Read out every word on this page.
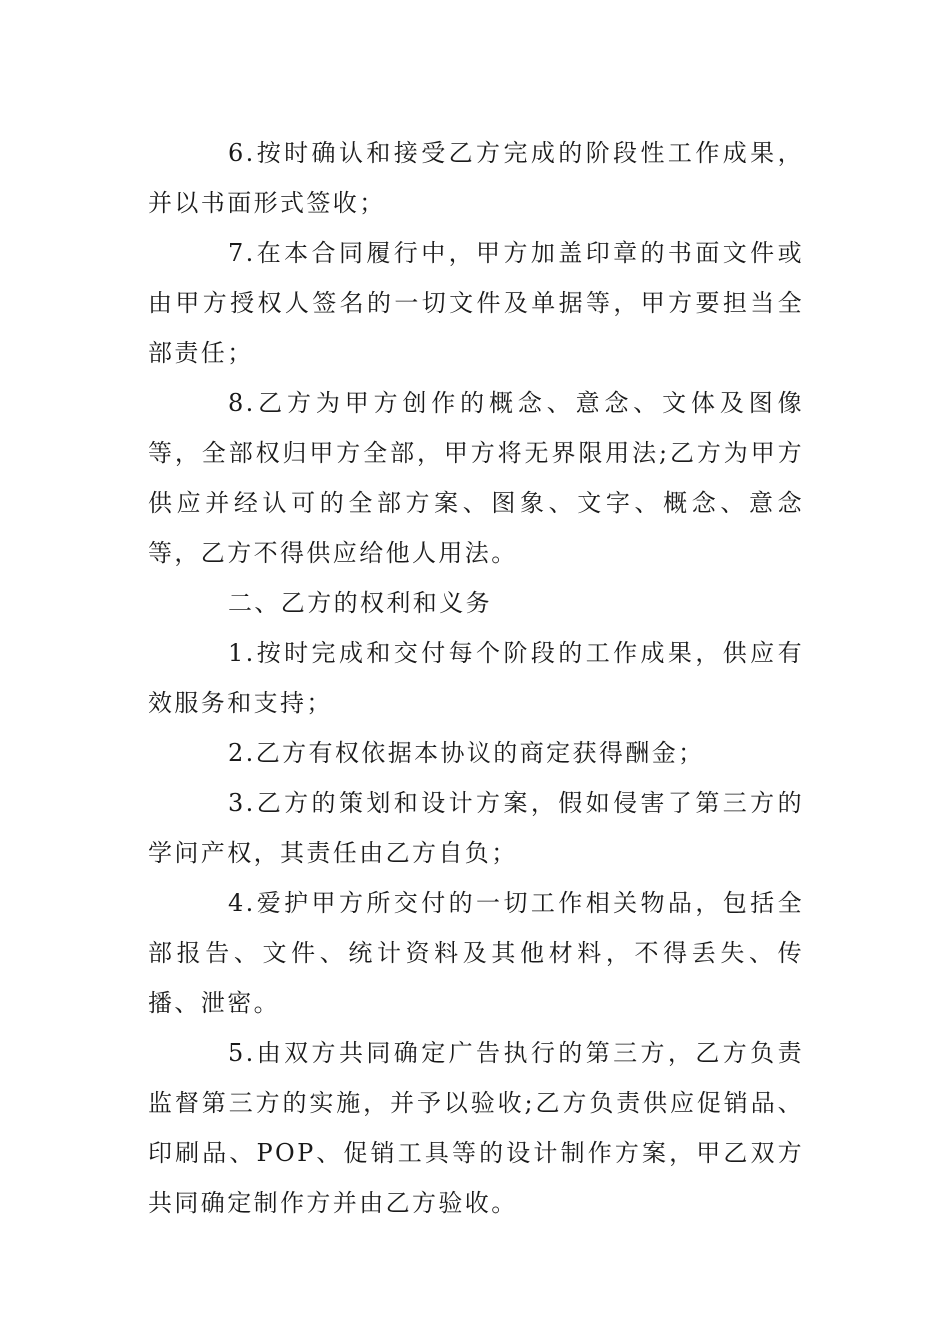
6.按时确认和接受乙方完成的阶段性工作成果，并以书面形式签收；

7.在本合同履行中，甲方加盖印章的书面文件或由甲方授权人签名的一切文件及单据等，甲方要担当全部责任；

8.乙方为甲方创作的概念、意念、文体及图像等，全部权归甲方全部，甲方将无界限用法;乙方为甲方供应并经认可的全部方案、图象、文字、概念、意念等，乙方不得供应给他人用法。

二、乙方的权利和义务

1.按时完成和交付每个阶段的工作成果，供应有效服务和支持；

2.乙方有权依据本协议的商定获得酬金；

3.乙方的策划和设计方案，假如侵害了第三方的学问产权，其责任由乙方自负；

4.爱护甲方所交付的一切工作相关物品，包括全部报告、文件、统计资料及其他材料，不得丢失、传播、泄密。

5.由双方共同确定广告执行的第三方，乙方负责监督第三方的实施，并予以验收;乙方负责供应促销品、印刷品、POP、促销工具等的设计制作方案，甲乙双方共同确定制作方并由乙方验收。
